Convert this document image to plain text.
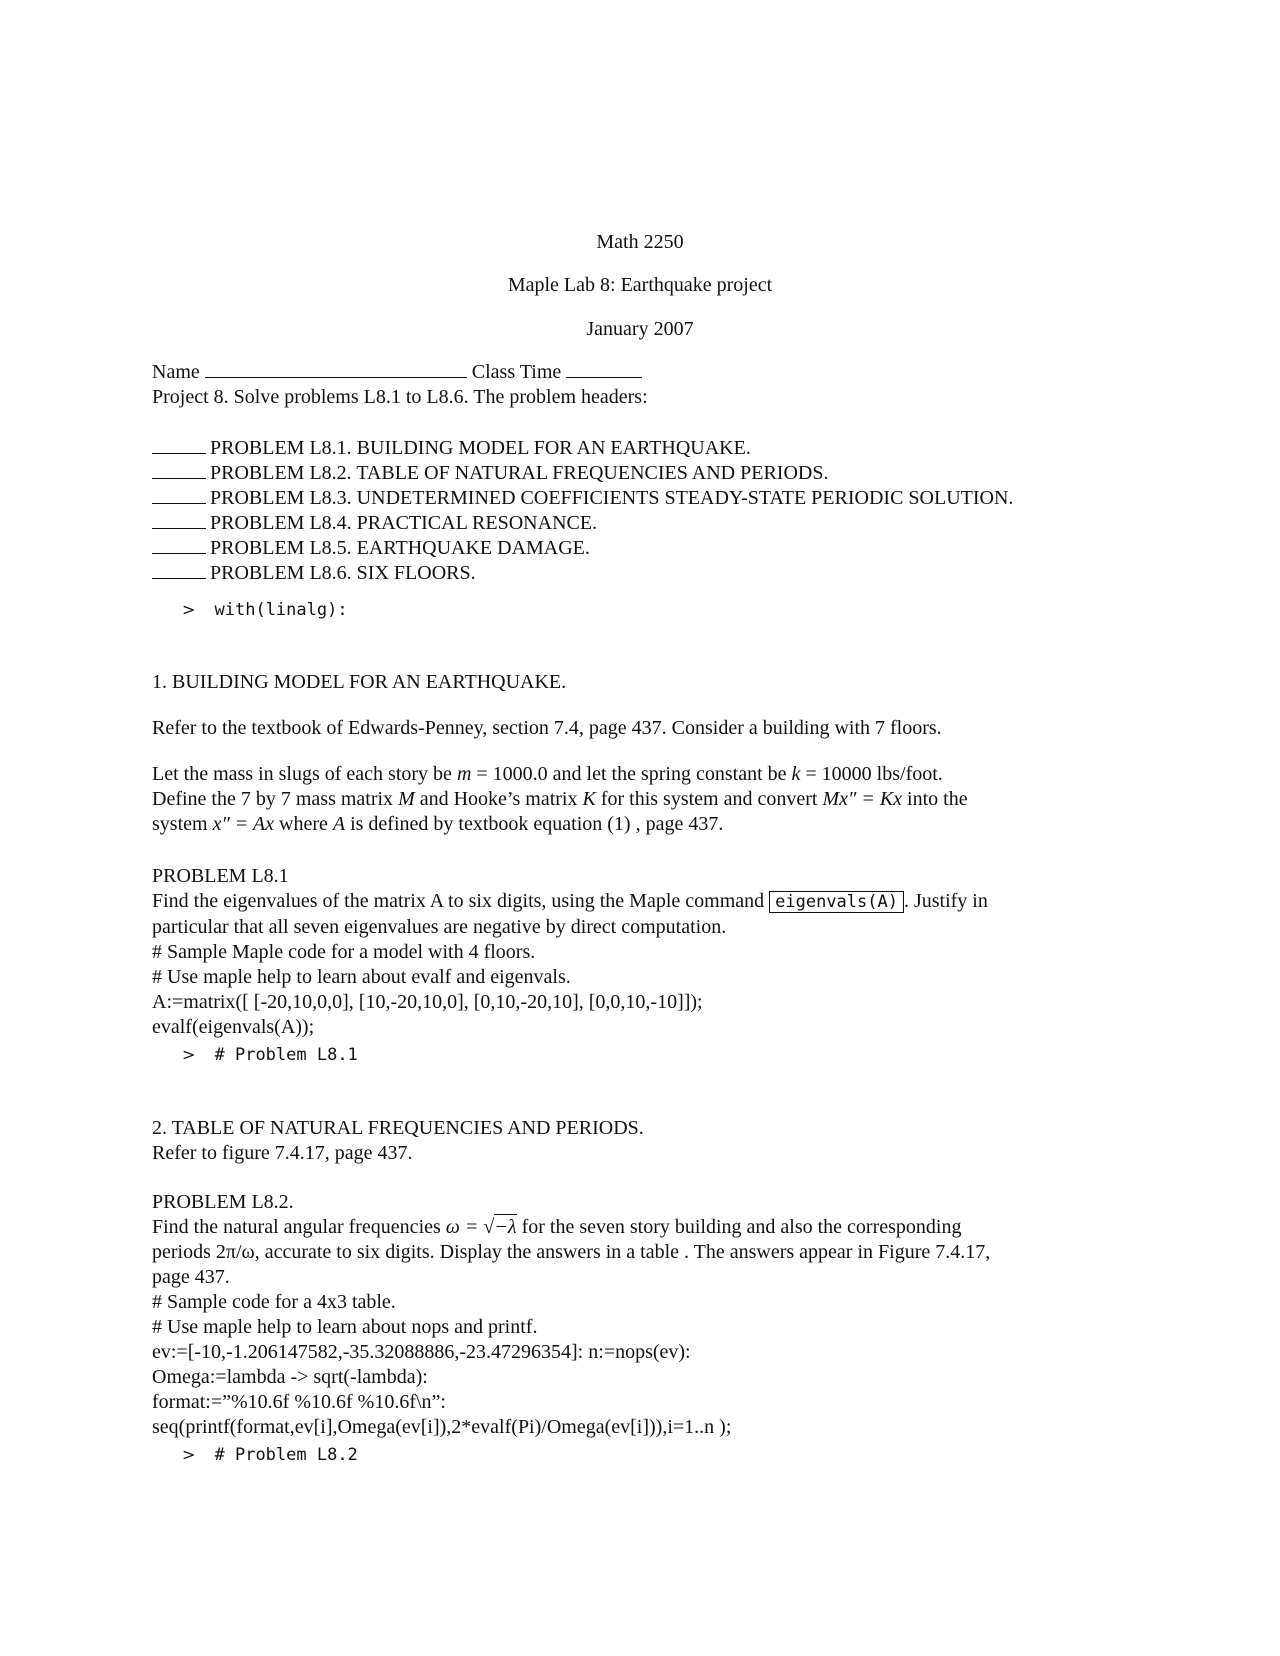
Math 2250
Maple Lab 8: Earthquake project
January 2007
Name	Class Time
Project 8. Solve problems L8.1 to L8.6. The problem headers:
PROBLEM L8.1. BUILDING MODEL FOR AN EARTHQUAKE.
PROBLEM L8.2. TABLE OF NATURAL FREQUENCIES AND PERIODS.
PROBLEM L8.3. UNDETERMINED COEFFICIENTS STEADY-STATE PERIODIC SOLUTION.
PROBLEM L8.4. PRACTICAL RESONANCE.
PROBLEM L8.5. EARTHQUAKE DAMAGE.
PROBLEM L8.6. SIX FLOORS.
> with(linalg):
1. BUILDING MODEL FOR AN EARTHQUAKE.
Refer to the textbook of Edwards-Penney, section 7.4, page 437. Consider a building with 7 floors.
Let the mass in slugs of each story be m = 1000.0 and let the spring constant be k = 10000 lbs/foot.
Define the 7 by 7 mass matrix M and Hooke’s matrix K for this system and convert Mx″ = Kx into the
system x″ = Ax where A is defined by textbook equation (1) , page 437.
PROBLEM L8.1
Find the eigenvalues of the matrix A to six digits, using the Maple command eigenvals(A) . Justify in
particular that all seven eigenvalues are negative by direct computation.
# Sample Maple code for a model with 4 floors.
# Use maple help to learn about evalf and eigenvals.
A:=matrix([ [-20,10,0,0], [10,-20,10,0], [0,10,-20,10], [0,0,10,-10]]);
evalf(eigenvals(A));
> # Problem L8.1
2. TABLE OF NATURAL FREQUENCIES AND PERIODS.
Refer to figure 7.4.17, page 437.
PROBLEM L8.2.
Find the natural angular frequencies ω = √−λ for the seven story building and also the corresponding
periods 2π/ω, accurate to six digits. Display the answers in a table . The answers appear in Figure 7.4.17,
page 437.
# Sample code for a 4x3 table.
# Use maple help to learn about nops and printf.
ev:=[-10,-1.206147582,-35.32088886,-23.47296354]: n:=nops(ev):
Omega:=lambda -> sqrt(-lambda):
format:=”%10.6f %10.6f %10.6f\n”:
seq(printf(format,ev[i],Omega(ev[i]),2*evalf(Pi)/Omega(ev[i])),i=1..n );
> # Problem L8.2
